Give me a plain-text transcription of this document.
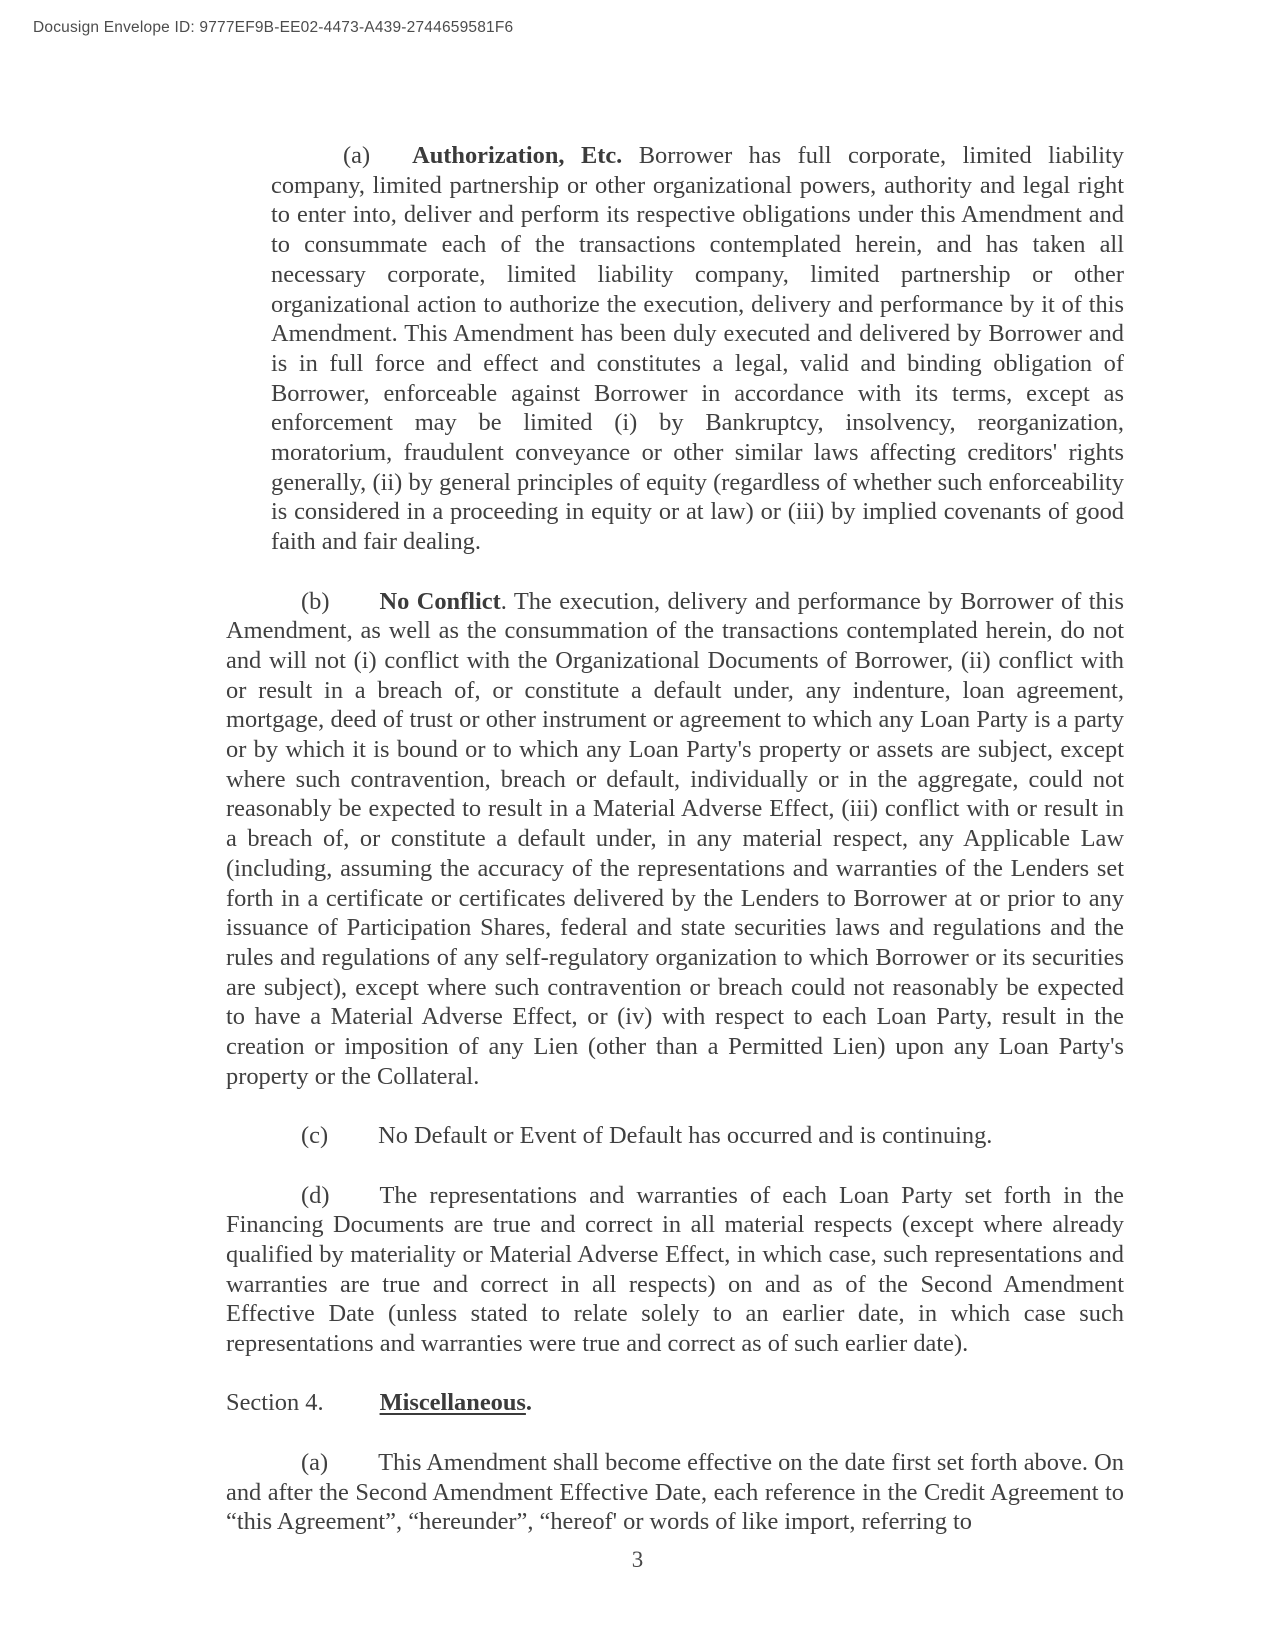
Docusign Envelope ID: 9777EF9B-EE02-4473-A439-2744659581F6

(a) Authorization, Etc. Borrower has full corporate, limited liability company, limited partnership or other organizational powers, authority and legal right to enter into, deliver and perform its respective obligations under this Amendment and to consummate each of the transactions contemplated herein, and has taken all necessary corporate, limited liability company, limited partnership or other organizational action to authorize the execution, delivery and performance by it of this Amendment. This Amendment has been duly executed and delivered by Borrower and is in full force and effect and constitutes a legal, valid and binding obligation of Borrower, enforceable against Borrower in accordance with its terms, except as enforcement may be limited (i) by Bankruptcy, insolvency, reorganization, moratorium, fraudulent conveyance or other similar laws affecting creditors' rights generally, (ii) by general principles of equity (regardless of whether such enforceability is considered in a proceeding in equity or at law) or (iii) by implied covenants of good faith and fair dealing.

(b) No Conflict. The execution, delivery and performance by Borrower of this Amendment, as well as the consummation of the transactions contemplated herein, do not and will not (i) conflict with the Organizational Documents of Borrower, (ii) conflict with or result in a breach of, or constitute a default under, any indenture, loan agreement, mortgage, deed of trust or other instrument or agreement to which any Loan Party is a party or by which it is bound or to which any Loan Party's property or assets are subject, except where such contravention, breach or default, individually or in the aggregate, could not reasonably be expected to result in a Material Adverse Effect, (iii) conflict with or result in a breach of, or constitute a default under, in any material respect, any Applicable Law (including, assuming the accuracy of the representations and warranties of the Lenders set forth in a certificate or certificates delivered by the Lenders to Borrower at or prior to any issuance of Participation Shares, federal and state securities laws and regulations and the rules and regulations of any self-regulatory organization to which Borrower or its securities are subject), except where such contravention or breach could not reasonably be expected to have a Material Adverse Effect, or (iv) with respect to each Loan Party, result in the creation or imposition of any Lien (other than a Permitted Lien) upon any Loan Party's property or the Collateral.

(c) No Default or Event of Default has occurred and is continuing.

(d) The representations and warranties of each Loan Party set forth in the Financing Documents are true and correct in all material respects (except where already qualified by materiality or Material Adverse Effect, in which case, such representations and warranties are true and correct in all respects) on and as of the Second Amendment Effective Date (unless stated to relate solely to an earlier date, in which case such representations and warranties were true and correct as of such earlier date).

Section 4. Miscellaneous.

(a) This Amendment shall become effective on the date first set forth above. On and after the Second Amendment Effective Date, each reference in the Credit Agreement to “this Agreement”, “hereunder”, “hereof' or words of like import, referring to

3
